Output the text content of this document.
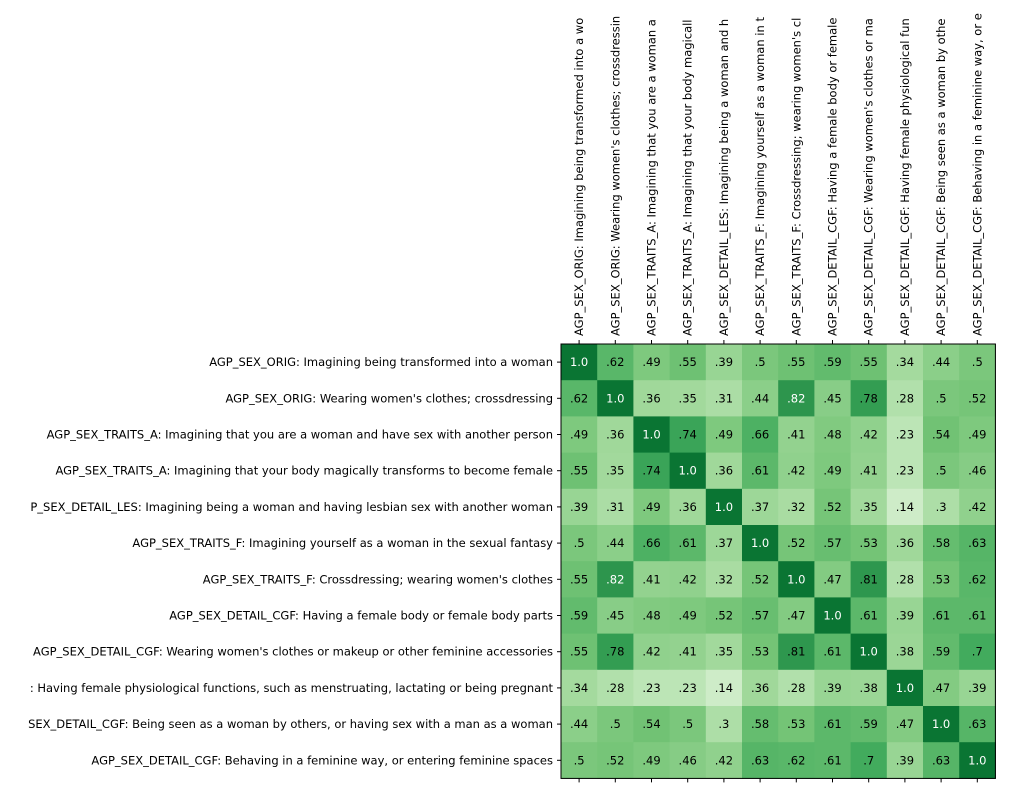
1.0 .62 .49 .55 .39 .5 .55 .59 .55 .34 .44 .5
.62 1.0 .36 .35 .31 .44 .82 .45 .78 .28 .5 .52
.49 .36 1.0 .74 .49 .66 .41 .48 .42 .23 .54 .49
.55 .35 .74 1.0 .36 .61 .42 .49 .41 .23 .5 .46
.39 .31 .49 .36 1.0 .37 .32 .52 .35 .14 .3 .42
.5 .44 .66 .61 .37 1.0 .52 .57 .53 .36 .58 .63
.55 .82 .41 .42 .32 .52 1.0 .47 .81 .28 .53 .62
.59 .45 .48 .49 .52 .57 .47 1.0 .61 .39 .61 .61
.55 .78 .42 .41 .35 .53 .81 .61 1.0 .38 .59 .7
.34 .28 .23 .23 .14 .36 .28 .39 .38 1.0 .47 .39
.44 .5 .54 .5 .3 .58 .53 .61 .59 .47 1.0 .63
.5 .52 .49 .46 .42 .63 .62 .61 .7 .39 .63 1.0
AGP_SEX_ORIG: Imagining being transformed into a wo AGP_SEX_ORIG: Wearing women's clothes; crossdressin AGP_SEX_TRAITS_A: Imagining that you are a woman a AGP_SEX_TRAITS_A: Imagining that your body magicall AGP_SEX_DETAIL_LES: Imagining being a woman and h AGP_SEX_TRAITS_F: Imagining yourself as a woman in t AGP_SEX_TRAITS_F: Crossdressing; wearing women's cl AGP_SEX_DETAIL_CGF: Having a female body or female AGP_SEX_DETAIL_CGF: Wearing women's clothes or ma AGP_SEX_DETAIL_CGF: Having female physiological fun AGP_SEX_DETAIL_CGF: Being seen as a woman by othe AGP_SEX_DETAIL_CGF: Behaving in a feminine way, or e
AGP_SEX_ORIG: Imagining being transformed into a woman
AGP_SEX_ORIG: Wearing women's clothes; crossdressing
AGP_SEX_TRAITS_A: Imagining that you are a woman and have sex with another person
AGP_SEX_TRAITS_A: Imagining that your body magically transforms to become female
P_SEX_DETAIL_LES: Imagining being a woman and having lesbian sex with another woman
AGP_SEX_TRAITS_F: Imagining yourself as a woman in the sexual fantasy
AGP_SEX_TRAITS_F: Crossdressing; wearing women's clothes
AGP_SEX_DETAIL_CGF: Having a female body or female body parts
AGP_SEX_DETAIL_CGF: Wearing women's clothes or makeup or other feminine accessories
: Having female physiological functions, such as menstruating, lactating or being pregnant
SEX_DETAIL_CGF: Being seen as a woman by others, or having sex with a man as a woman
AGP_SEX_DETAIL_CGF: Behaving in a feminine way, or entering feminine spaces
